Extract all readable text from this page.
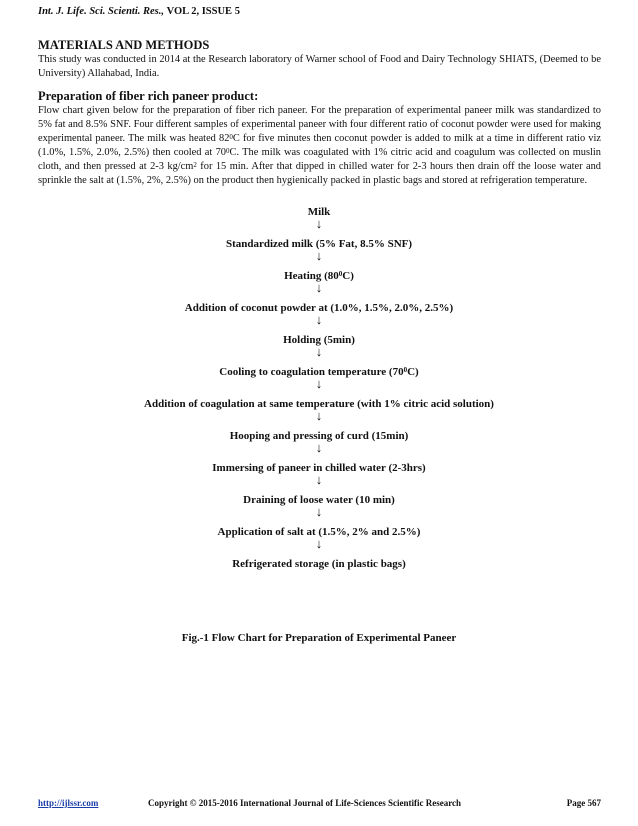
Int. J. Life. Sci. Scienti. Res., VOL 2, ISSUE 5

MATERIALS AND METHODS

This study was conducted in 2014 at the Research laboratory of Warner school of Food and Dairy Technology SHIATS, (Deemed to be University) Allahabad, India.

Preparation of fiber rich paneer product:

Flow chart given below for the preparation of fiber rich paneer. For the preparation of experimental paneer milk was standardized to 5% fat and 8.5% SNF. Four different samples of experimental paneer with four different ratio of coconut powder were used for making experimental paneer. The milk was heated $82^0C$ for five minutes then coconut powder is added to milk at a time in different ratio viz (1.0%, 1.5%, 2.0%, 2.5%) then cooled at $70^0C$. The milk was coagulated with 1% citric acid and coagulum was collected on muslin cloth, and then pressed at 2-3 $kg/cm^2$ for 15 min. After that dipped in chilled water for 2-3 hours then drain off the loose water and sprinkle the salt at (1.5%, 2%, 2.5%) on the product then hygienically packed in plastic bags and stored at refrigeration temperature.

Milk
↓
Standardized milk (5% Fat, 8.5% SNF)
↓
Heating $(80^0C)$
↓
Addition of coconut powder at (1.0%, 1.5%, 2.0%, 2.5%)
↓
Holding (5min)
↓
Cooling to coagulation temperature $(70^0C)$
↓
Addition of coagulation at same temperature (with 1% citric acid solution)
↓
Hooping and pressing of curd (15min)
↓
Immersing of paneer in chilled water (2-3hrs)
↓
Draining of loose water (10 min)
↓
Application of salt at (1.5%, 2% and 2.5%)
↓
Refrigerated storage (in plastic bags)
Fig.-1 Flow Chart for Preparation of Experimental Paneer
http://ijlssr.com	Copyright © 2015-2016 International Journal of Life-Sciences Scientific Research	Page 567
